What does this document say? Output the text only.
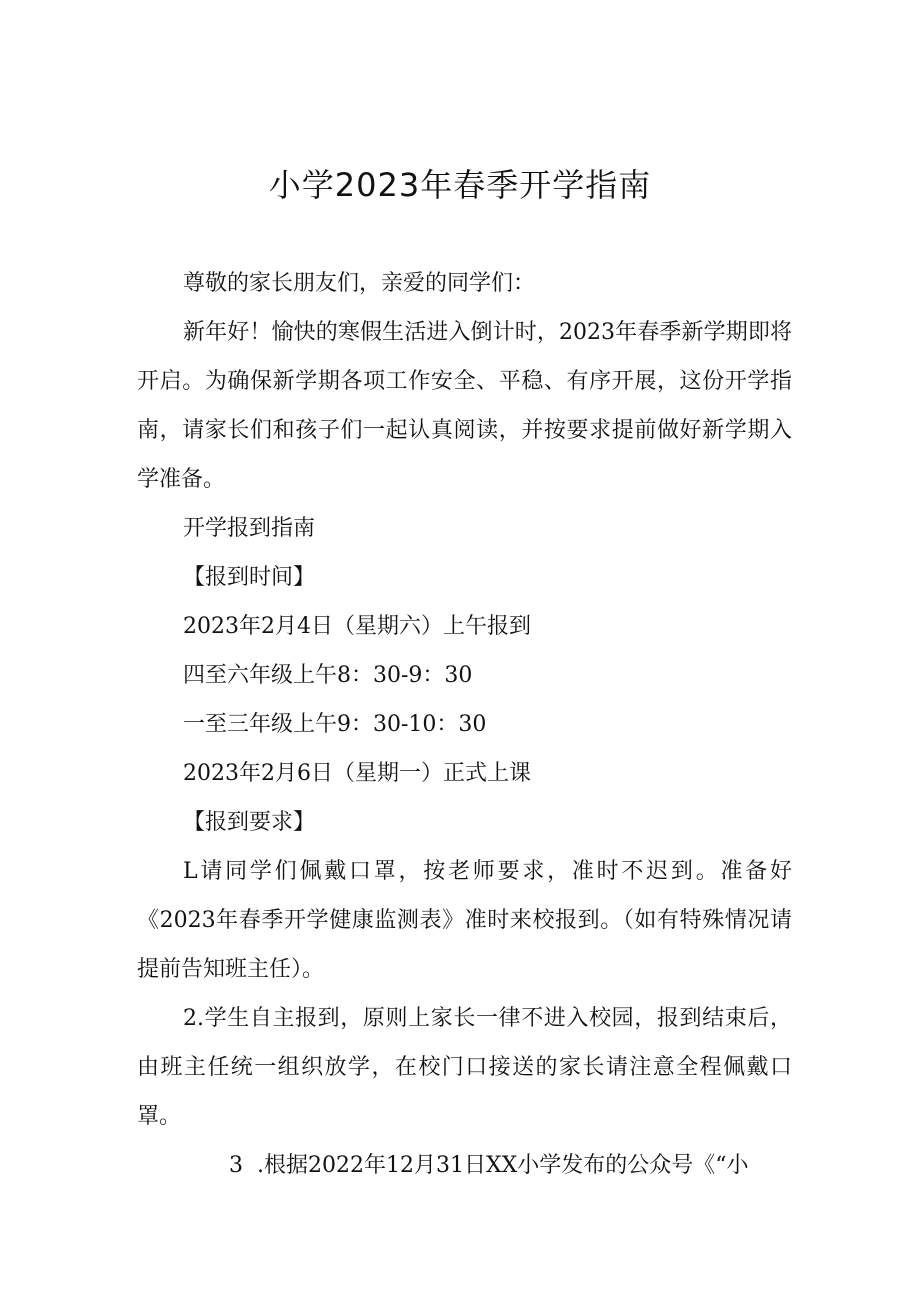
小学2023年春季开学指南

尊敬的家长朋友们，亲爱的同学们：

新年好！愉快的寒假生活进入倒计时，2023年春季新学期即将开启。为确保新学期各项工作安全、平稳、有序开展，这份开学指南，请家长们和孩子们一起认真阅读，并按要求提前做好新学期入学准备。

开学报到指南

【报到时间】

2023年2月4日（星期六）上午报到

四至六年级上午8：30-9：30

一至三年级上午9：30-10：30

2023年2月6日（星期一）正式上课

【报到要求】

L请同学们佩戴口罩，按老师要求，准时不迟到。准备好《2023年春季开学健康监测表》准时来校报到。（如有特殊情况请提前告知班主任）。

2.学生自主报到，原则上家长一律不进入校园，报到结束后，由班主任统一组织放学，在校门口接送的家长请注意全程佩戴口罩。

3 .根据2022年12月31日XX小学发布的公众号《“小
